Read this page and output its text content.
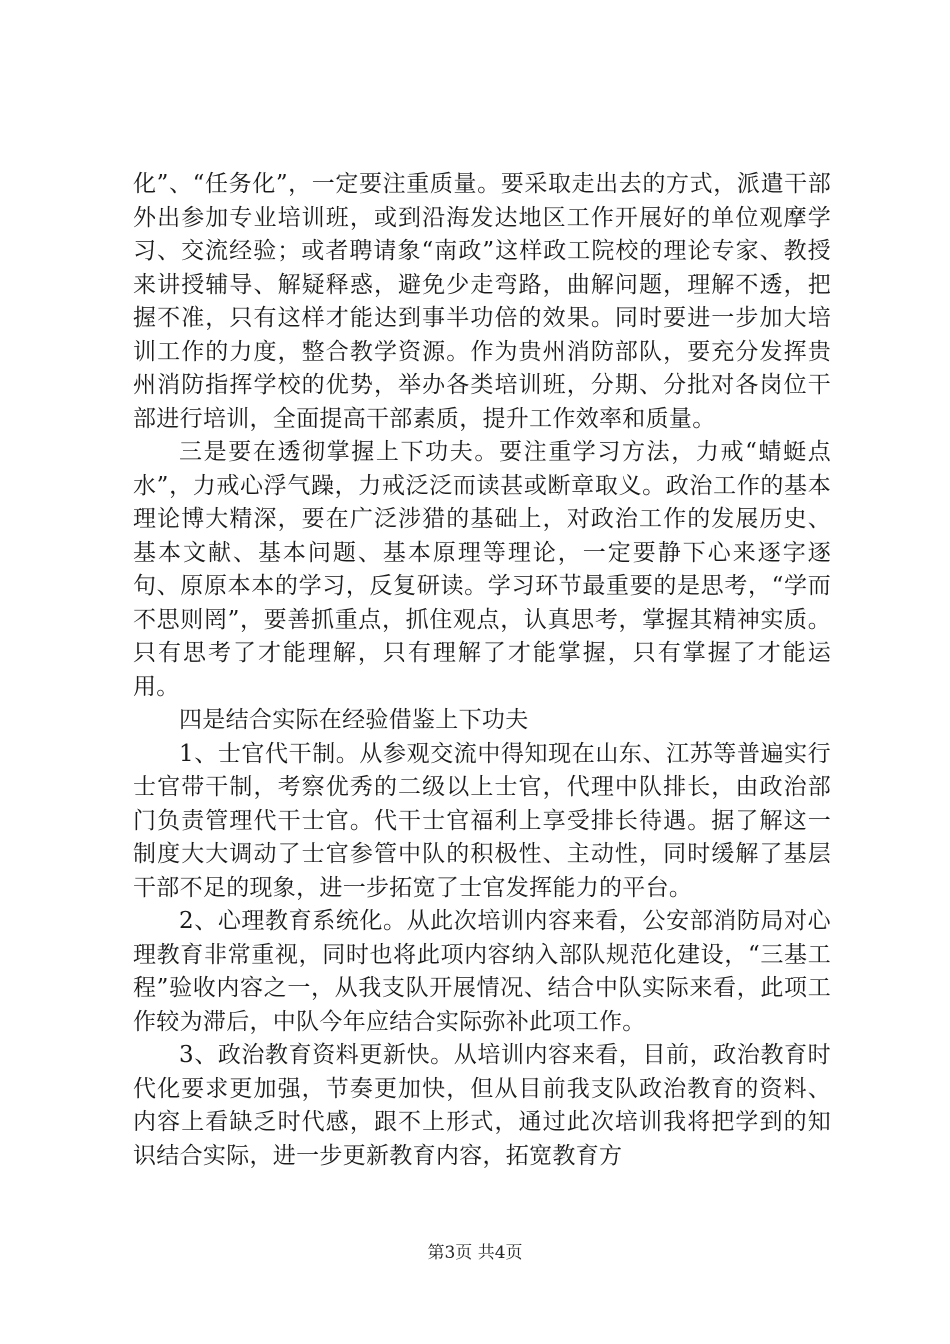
化”、“任务化”，一定要注重质量。要采取走出去的方式，派遣干部外出参加专业培训班，或到沿海发达地区工作开展好的单位观摩学习、交流经验；或者聘请象“南政”这样政工院校的理论专家、教授来讲授辅导、解疑释惑，避免少走弯路，曲解问题，理解不透，把握不准，只有这样才能达到事半功倍的效果。同时要进一步加大培训工作的力度，整合教学资源。作为贵州消防部队，要充分发挥贵州消防指挥学校的优势，举办各类培训班，分期、分批对各岗位干部进行培训，全面提高干部素质，提升工作效率和质量。

三是要在透彻掌握上下功夫。要注重学习方法，力戒“蜻蜓点水”，力戒心浮气躁，力戒泛泛而读甚或断章取义。政治工作的基本理论博大精深，要在广泛涉猎的基础上，对政治工作的发展历史、基本文献、基本问题、基本原理等理论，一定要静下心来逐字逐句、原原本本的学习，反复研读。学习环节最重要的是思考，“学而不思则罔”，要善抓重点，抓住观点，认真思考，掌握其精神实质。只有思考了才能理解，只有理解了才能掌握，只有掌握了才能运用。

四是结合实际在经验借鉴上下功夫

1、士官代干制。从参观交流中得知现在山东、江苏等普遍实行士官带干制，考察优秀的二级以上士官，代理中队排长，由政治部门负责管理代干士官。代干士官福利上享受排长待遇。据了解这一制度大大调动了士官参管中队的积极性、主动性，同时缓解了基层干部不足的现象，进一步拓宽了士官发挥能力的平台。

2、心理教育系统化。从此次培训内容来看，公安部消防局对心理教育非常重视，同时也将此项内容纳入部队规范化建设，“三基工程”验收内容之一，从我支队开展情况、结合中队实际来看，此项工作较为滞后，中队今年应结合实际弥补此项工作。

3、政治教育资料更新快。从培训内容来看，目前，政治教育时代化要求更加强，节奏更加快，但从目前我支队政治教育的资料、内容上看缺乏时代感，跟不上形式，通过此次培训我将把学到的知识结合实际，进一步更新教育内容，拓宽教育方

第3页 共4页
